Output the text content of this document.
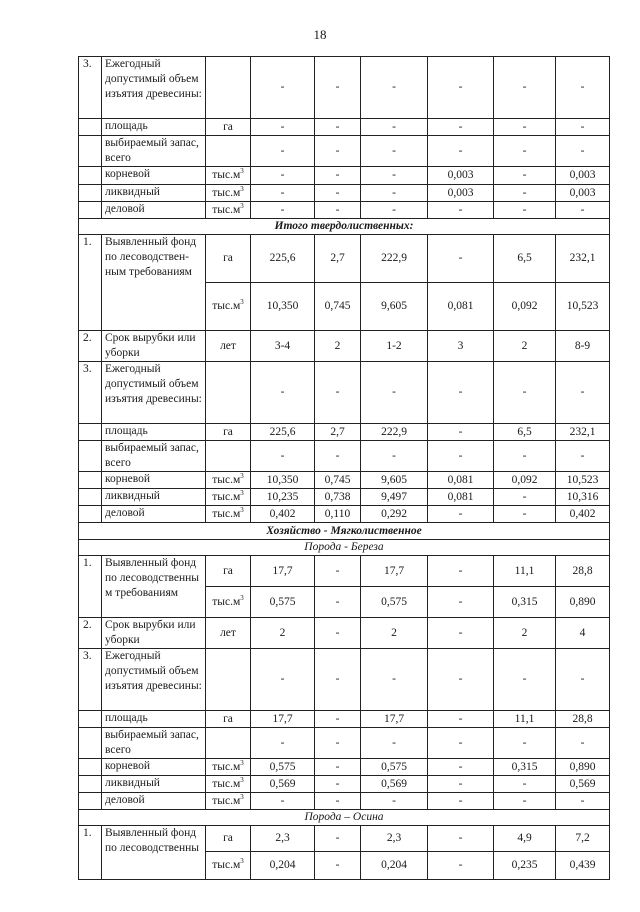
18
3.	Ежегодный допустимый объем изъятия древесины:		-	-	-	-	-	-
	площадь	га	-	-	-	-	-	-
	выбираемый запас, всего		-	-	-	-	-	-
	корневой	$тыс.м^3$	-	-	-	0,003	-	0,003
	ликвидный	$тыс.м^3$	-	-	-	0,003	-	0,003
	деловой	$тыс.м^3$	-	-	-	-	-	-
Итого твердолиственных:								
1.	Выявленный фонд по лесоводствен-ным требованиям	га	225,6	2,7	222,9	-	6,5	232,1
		$тыс.м^3$	10,350	0,745	9,605	0,081	0,092	10,523
2.	Срок вырубки или уборки	лет	3-4	2	1-2	3	2	8-9
3.	Ежегодный допустимый объем изъятия древесины:		-	-	-	-	-	-
	площадь	га	225,6	2,7	222,9	-	6,5	232,1
	выбираемый запас, всего		-	-	-	-	-	-
	корневой	$тыс.м^3$	10,350	0,745	9,605	0,081	0,092	10,523
	ликвидный	$тыс.м^3$	10,235	0,738	9,497	0,081	-	10,316
	деловой	$тыс.м^3$	0,402	0,110	0,292	-	-	0,402
Хозяйство - Мягколиственное								
Порода - Береза								
1.	Выявленный фонд по лесоводственны м требованиям	га	17,7	-	17,7	-	11,1	28,8
		$тыс.м^3$	0,575	-	0,575	-	0,315	0,890
2.	Срок вырубки или уборки	лет	2	-	2	-	2	4
3.	Ежегодный допустимый объем изъятия древесины:		-	-	-	-	-	-
	площадь	га	17,7	-	17,7	-	11,1	28,8
	выбираемый запас, всего		-	-	-	-	-	-
	корневой	$тыс.м^3$	0,575	-	0,575	-	0,315	0,890
	ликвидный	$тыс.м^3$	0,569	-	0,569	-	-	0,569
	деловой	$тыс.м^3$	-	-	-	-	-	-
Порода – Осина								
1.	Выявленный фонд по лесоводственны	га	2,3	-	2,3	-	4,9	7,2
		$тыс.м^3$	0,204	-	0,204	-	0,235	0,439
